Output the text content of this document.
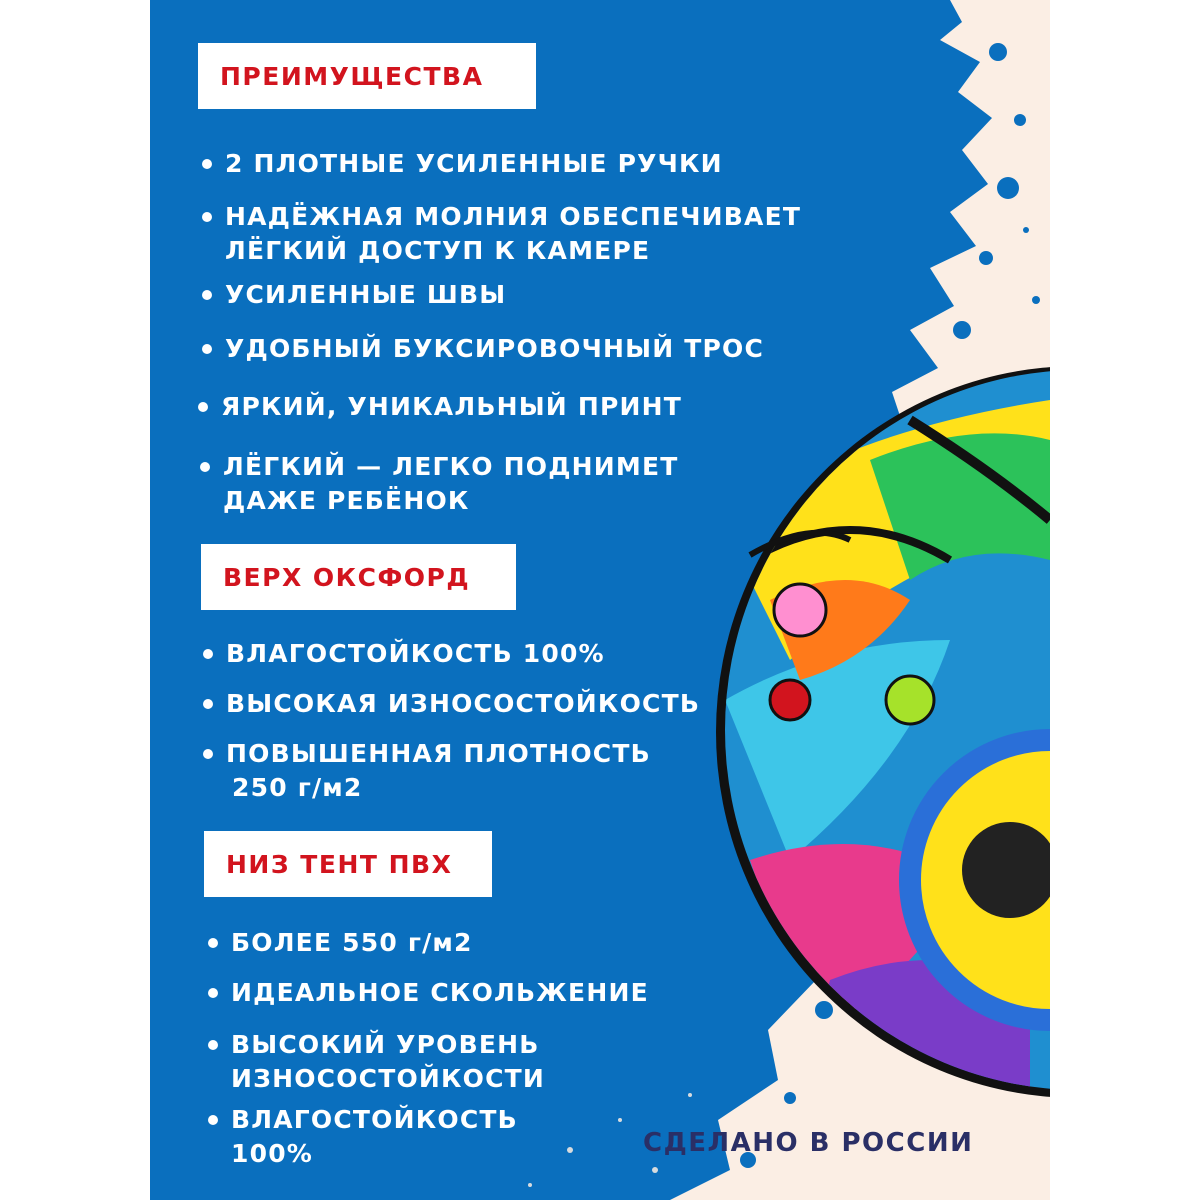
ПРЕИМУЩЕСТВА
2 ПЛОТНЫЕ УСИЛЕННЫЕ РУЧКИ
НАДЁЖНАЯ МОЛНИЯ ОБЕСПЕЧИВАЕТ
ЛЁГКИЙ ДОСТУП К КАМЕРЕ
УСИЛЕННЫЕ ШВЫ
УДОБНЫЙ БУКСИРОВОЧНЫЙ ТРОС
ЯРКИЙ, УНИКАЛЬНЫЙ ПРИНТ
ЛЁГКИЙ — ЛЕГКО ПОДНИМЕТ
ДАЖЕ РЕБЁНОК
ВЕРХ ОКСФОРД
ВЛАГОСТОЙКОСТЬ 100%
ВЫСОКАЯ ИЗНОСОСТОЙКОСТЬ
ПОВЫШЕННАЯ ПЛОТНОСТЬ
250 г/м2
НИЗ ТЕНТ ПВХ
БОЛЕЕ 550 г/м2
ИДЕАЛЬНОЕ СКОЛЬЖЕНИЕ
ВЫСОКИЙ УРОВЕНЬ
ИЗНОСОСТОЙКОСТИ
ВЛАГОСТОЙКОСТЬ
100%	СДЕЛАНО В РОССИИ
